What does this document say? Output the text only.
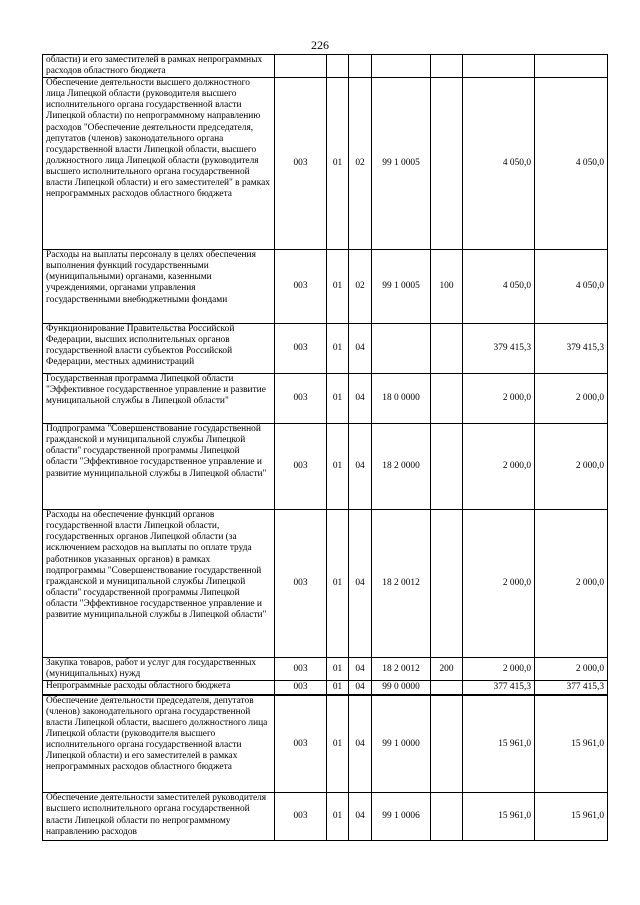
226
области) и его заместителей в рамках непрограммных расходов областного бюджета							
Обеспечение деятельности высшего должностного лица Липецкой области (руководителя высшего исполнительного органа государственной власти Липецкой области) по непрограммному направлению расходов "Обеспечение деятельности председателя, депутатов (членов) законодательного органа государственной власти Липецкой области, высшего должностного лица Липецкой области (руководителя высшего исполнительного органа государственной власти Липецкой области) и его заместителей" в рамках непрограммных расходов областного бюджета	003	01	02	99 1 0005		4 050,0	4 050,0
Расходы на выплаты персоналу в целях обеспечения выполнения функций государственными (муниципальными) органами, казенными учреждениями, органами управления государственными внебюджетными фондами	003	01	02	99 1 0005	100	4 050,0	4 050,0
Функционирование Правительства Российской Федерации, высших исполнительных органов государственной власти субъектов Российской Федерации, местных администраций	003	01	04			379 415,3	379 415,3
Государственная программа Липецкой области "Эффективное государственное управление и развитие муниципальной службы в Липецкой области"	003	01	04	18 0 0000		2 000,0	2 000,0
Подпрограмма "Совершенствование государственной гражданской и муниципальной службы Липецкой области" государственной программы Липецкой области "Эффективное государственное управление и развитие муниципальной службы в Липецкой области"	003	01	04	18 2 0000		2 000,0	2 000,0
Расходы на обеспечение функций органов государственной власти Липецкой области, государственных органов Липецкой области (за исключением расходов на выплаты по оплате труда работников указанных органов) в рамках подпрограммы "Совершенствование государственной гражданской и муниципальной службы Липецкой области" государственной программы Липецкой области "Эффективное государственное управление и развитие муниципальной службы в Липецкой области"	003	01	04	18 2 0012		2 000,0	2 000,0
Закупка товаров, работ и услуг для государственных (муниципальных) нужд	003	01	04	18 2 0012	200	2 000,0	2 000,0
Непрограммные расходы областного бюджета	003	01	04	99 0 0000		377 415,3	377 415,3
Обеспечение деятельности председателя, депутатов (членов) законодательного органа государственной власти Липецкой области, высшего должностного лица Липецкой области (руководителя высшего исполнительного органа государственной власти Липецкой области) и его заместителей в рамках непрограммных расходов областного бюджета	003	01	04	99 1 0000		15 961,0	15 961,0
Обеспечение деятельности заместителей руководителя высшего исполнительного органа государственной власти Липецкой области по непрограммному направлению расходов	003	01	04	99 1 0006		15 961,0	15 961,0
